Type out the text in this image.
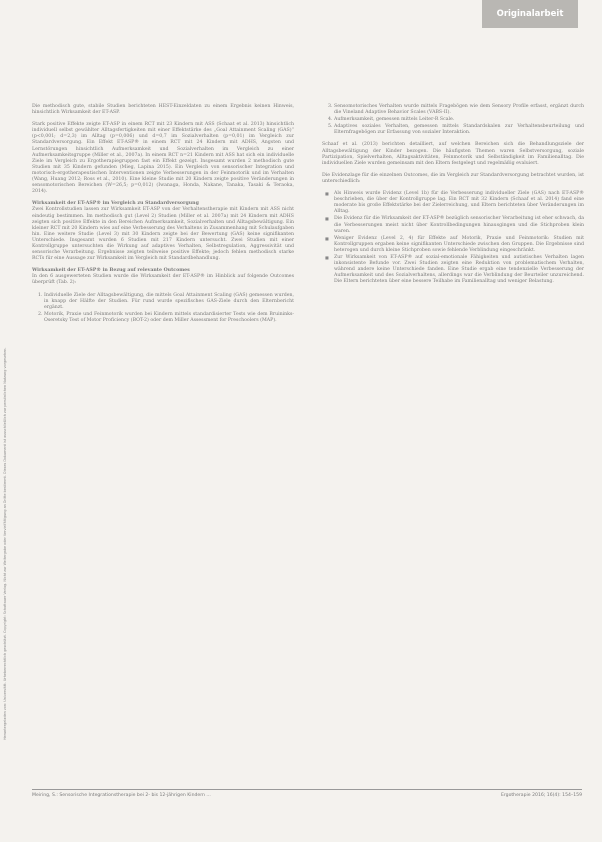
Originalarbeit
Heruntergeladen von: Universität. Urheberrechtlich geschützt. Copyright: Schattauer Verlag. Nicht zur Weitergabe oder Vervielfältigung an Dritte bestimmt. Dieses Dokument ist ausschließlich zur persönlichen Nutzung vorgesehen.

Die methodisch gute, stabile Studien berichteten HEST-Einzeldaten zu einem Ergebnis keinen Hinweis, hinsichtlich Wirksamkeit der ET-ASP.

Stark positive Effekte zeigte ET-ASP in einem RCT mit 23 Kindern mit ASS (Schaat et al. 2013) hinsichtlich individuell selbst gewählter Alltagsfertigkeiten mit einer Effektstärke des „Goal Attainment Scaling (GAS)“ (p<0,001; d=2,3) im Alltag (p=0,006) und d=0,7 im Sozialverhalten (p=0,01) im Vergleich zur Standardversorgung. Ein Effekt ET-ASP® in einem RCT mit 24 Kindern mit ADHS, Angsten und Lernstörungen hinsichtlich Aufmerksamkeit und Sozialverhalten im Vergleich zu einer Aufmerksamkeitsgruppe (Miller et al., 2007a). In einem RCT n=21 Kindern mit ASS hat sich ein individuelle Ziele im Vergleich zu Ergotherapiegruppen fast ein Effekt gezeigt. Insgesamt wurden 2 methodisch gute Studien mit 35 Kindern gefunden (Mieg, Lapina 2015). Ein Vergleich von sensorischer Integration und motorisch-ergotherapeutischen Interventionen zeigte Verbesserungen in der Feinmotorik und im Verhalten (Wang, Huang 2012; Ross et al., 2010). Eine kleine Studie mit 20 Kindern zeigte positive Veränderungen in sensomotorischen Bereichen (W=26,5; p=0,012) (Iwanaga, Honda, Nakane, Tanaka, Tasaki & Teraoka, 2014).

Wirksamkeit der ET-ASP® im Vergleich zu Standardversorgung

Zwei Kontrollstudien lassen zur Wirksamkeit ET-ASP von der Verhaltenstherapie mit Kindern mit ASS nicht eindeutig bestimmen. Im methodisch gut (Level 2) Studien (Miller et al. 2007a) mit 24 Kindern mit ADHS zeigten sich positive Effekte in den Bereichen Aufmerksamkeit, Sozialverhalten und Alltagsbewältigung. Ein kleiner RCT mit 20 Kindern wies auf eine Verbesserung des Verhaltens in Zusammenhang mit Schulaufgaben hin. Eine weitere Studie (Level 3) mit 30 Kindern zeigte bei der Bewertung (GAS) keine signifikanten Unterschiede. Insgesamt wurden 6 Studien mit 217 Kindern untersucht. Zwei Studien mit einer Kontrollgruppe untersuchten die Wirkung auf adaptives Verhalten, Selbstregulation, Aggressivität und sensorische Verarbeitung. Ergebnisse zeigten teilweise positive Effekte; jedoch fehlen methodisch starke RCTs für eine Aussage zur Wirksamkeit im Vergleich mit Standardbehandlung.

Wirksamkeit der ET-ASP® in Bezug auf relevante Outcomes

In den 6 ausgewerteten Studien wurde die Wirksamkeit der ET-ASP® im Hinblick auf folgende Outcomes überprüft (Tab. 2):

1. Individuelle Ziele der Alltagsbewältigung, die mittels Goal Attainment Scaling (GAS) gemessen wurden, in knapp der Hälfte der Studien. Für rund wurde spezifisches GAS-Ziele durch den Elternbericht ergänzt.
2. Motorik, Praxie und Feinmotorik wurden bei Kindern mittels standardisierter Tests wie dem Bruininks-Oseretsky Test of Motor Proficiency (BOT-2) oder dem Miller Assessment for Preschoolers (MAP).
3. Sensomotorisches Verhalten wurde mittels Fragebögen wie dem Sensory Profile erfasst, ergänzt durch die Vineland Adaptive Behavior Scales (VABS-II).
4. Aufmerksamkeit, gemessen mittels Leiter-R Scale.
5. Adaptives soziales Verhalten, gemessen mittels Standardskalen zur Verhaltensbeurteilung und Elternfragebögen zur Erfassung von sozialer Interaktion.

Schaaf et al. (2013) berichten detailliert, auf welchen Bereichen sich die Behandlungsziele der Alltagsbewältigung der Kinder bezogen. Die häufigsten Themen waren Selbstversorgung, soziale Partizipation, Spielverhalten, Alltagsaktivitäten, Feinmotorik und Selbständigkeit im Familienalltag. Die individuellen Ziele wurden gemeinsam mit den Eltern festgelegt und regelmäßig evaluiert.

Die Evidenzlage für die einzelnen Outcomes, die im Vergleich zur Standardversorgung betrachtet wurden, ist unterschiedlich:

■ Als Hinweis wurde Evidenz (Level 1b) für die Verbesserung individueller Ziele (GAS) nach ET-ASP® beschrieben, die über der Kontrollgruppe lag. Ein RCT mit 32 Kindern (Schaaf et al. 2014) fand eine moderate bis große Effektstärke bei der Zielerreichung, und Eltern berichteten über Veränderungen im Alltag.
■ Die Evidenz für die Wirksamkeit der ET-ASP® bezüglich sensorischer Verarbeitung ist eher schwach, da die Verbesserungen meist nicht über Kontrollbedingungen hinausgingen und die Stichproben klein waren.
■ Weniger Evidenz (Level 2, 4) für Effekte auf Motorik, Praxie und Feinmotorik: Studien mit Kontrollgruppen ergaben keine signifikanten Unterschiede zwischen den Gruppen. Die Ergebnisse sind heterogen und durch kleine Stichproben sowie fehlende Verblindung eingeschränkt.
■ Zur Wirksamkeit von ET-ASP® auf sozial-emotionale Fähigkeiten und autistisches Verhalten lagen inkonsistente Befunde vor. Zwei Studien zeigten eine Reduktion von problematischem Verhalten, während andere keine Unterschiede fanden. Eine Studie ergab eine tendenzielle Verbesserung der Aufmerksamkeit und des Sozialverhaltens, allerdings war die Verblindung der Beurteiler unzureichend. Die Eltern berichteten über eine bessere Teilhabe im Familienalltag und weniger Belastung.
Meiring, S.: Sensorische Integrationstherapie bei 2- bis 12-jährigen Kindern ...	Ergotherapie 2016; 16(4): 154–159
